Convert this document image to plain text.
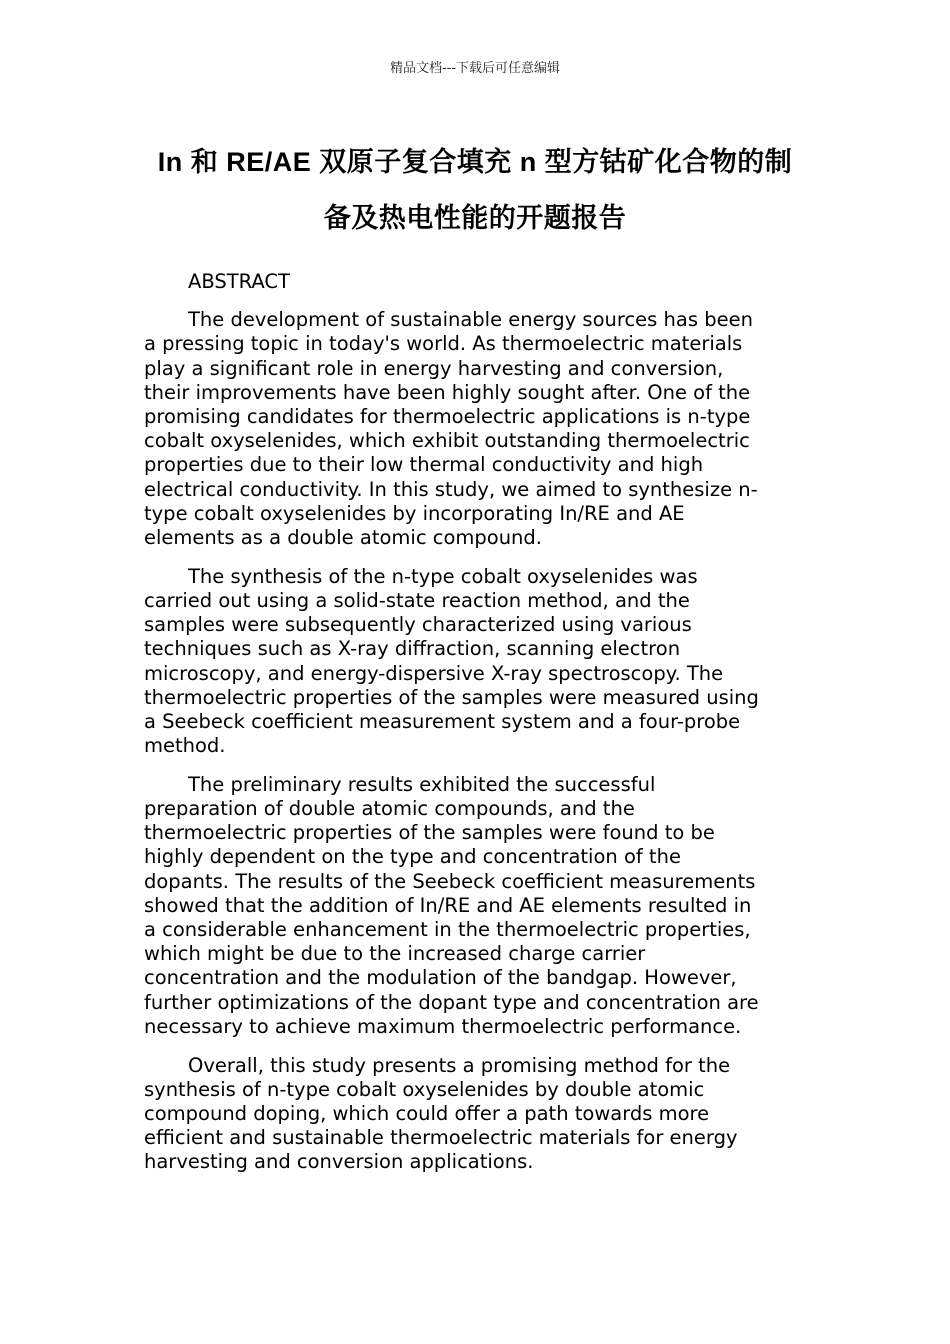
精品文档---下载后可任意编辑
In 和 RE/AE 双原子复合填充 n 型方钴矿化合物的制
备及热电性能的开题报告
ABSTRACT
The development of sustainable energy sources has been
a pressing topic in today's world. As thermoelectric materials
play a significant role in energy harvesting and conversion,
their improvements have been highly sought after. One of the
promising candidates for thermoelectric applications is n-type
cobalt oxyselenides, which exhibit outstanding thermoelectric
properties due to their low thermal conductivity and high
electrical conductivity. In this study, we aimed to synthesize n-
type cobalt oxyselenides by incorporating In/RE and AE
elements as a double atomic compound.
The synthesis of the n-type cobalt oxyselenides was
carried out using a solid-state reaction method, and the
samples were subsequently characterized using various
techniques such as X-ray diffraction, scanning electron
microscopy, and energy-dispersive X-ray spectroscopy. The
thermoelectric properties of the samples were measured using
a Seebeck coefficient measurement system and a four-probe
method.
The preliminary results exhibited the successful
preparation of double atomic compounds, and the
thermoelectric properties of the samples were found to be
highly dependent on the type and concentration of the
dopants. The results of the Seebeck coefficient measurements
showed that the addition of In/RE and AE elements resulted in
a considerable enhancement in the thermoelectric properties,
which might be due to the increased charge carrier
concentration and the modulation of the bandgap. However,
further optimizations of the dopant type and concentration are
necessary to achieve maximum thermoelectric performance.
Overall, this study presents a promising method for the
synthesis of n-type cobalt oxyselenides by double atomic
compound doping, which could offer a path towards more
efficient and sustainable thermoelectric materials for energy
harvesting and conversion applications.
